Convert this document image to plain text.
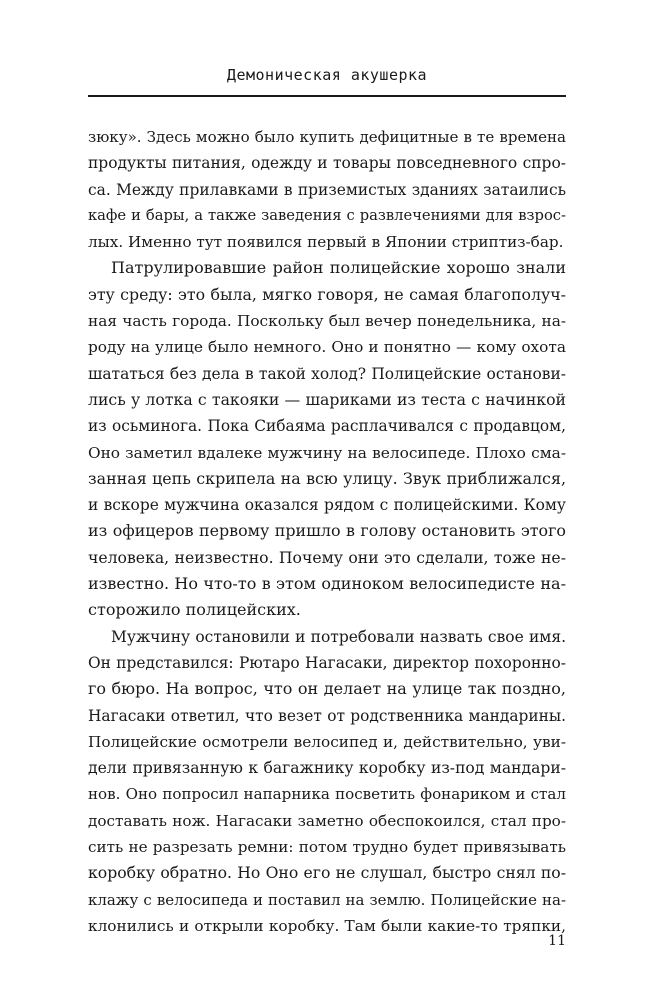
Демоническая акушерка
зюку». Здесь можно было купить дефицитные в те времена
продукты питания, одежду и товары повседневного спро-
са. Между прилавками в приземистых зданиях затаились
кафе и бары, а также заведения с развлечениями для взрос-
лых. Именно тут появился первый в Японии стриптиз-бар.
Патрулировавшие район полицейские хорошо знали
эту среду: это была, мягко говоря, не самая благополуч-
ная часть города. Поскольку был вечер понедельника, на-
роду на улице было немного. Оно и понятно — кому охота
шататься без дела в такой холод? Полицейские останови-
лись у лотка с такояки — шариками из теста с начинкой
из осьминога. Пока Сибаяма расплачивался с продавцом,
Оно заметил вдалеке мужчину на велосипеде. Плохо сма-
занная цепь скрипела на всю улицу. Звук приближался,
и вскоре мужчина оказался рядом с полицейскими. Кому
из офицеров первому пришло в голову остановить этого
человека, неизвестно. Почему они это сделали, тоже не-
известно. Но что-то в этом одиноком велосипедисте на-
сторожило полицейских.
Мужчину остановили и потребовали назвать свое имя.
Он представился: Рютаро Нагасаки, директор похоронно-
го бюро. На вопрос, что он делает на улице так поздно,
Нагасаки ответил, что везет от родственника мандарины.
Полицейские осмотрели велосипед и, действительно, уви-
дели привязанную к багажнику коробку из-под мандари-
нов. Оно попросил напарника посветить фонариком и стал
доставать нож. Нагасаки заметно обеспокоился, стал про-
сить не разрезать ремни: потом трудно будет привязывать
коробку обратно. Но Оно его не слушал, быстро снял по-
клажу с велосипеда и поставил на землю. Полицейские на-
клонились и открыли коробку. Там были какие-то тряпки,
11
